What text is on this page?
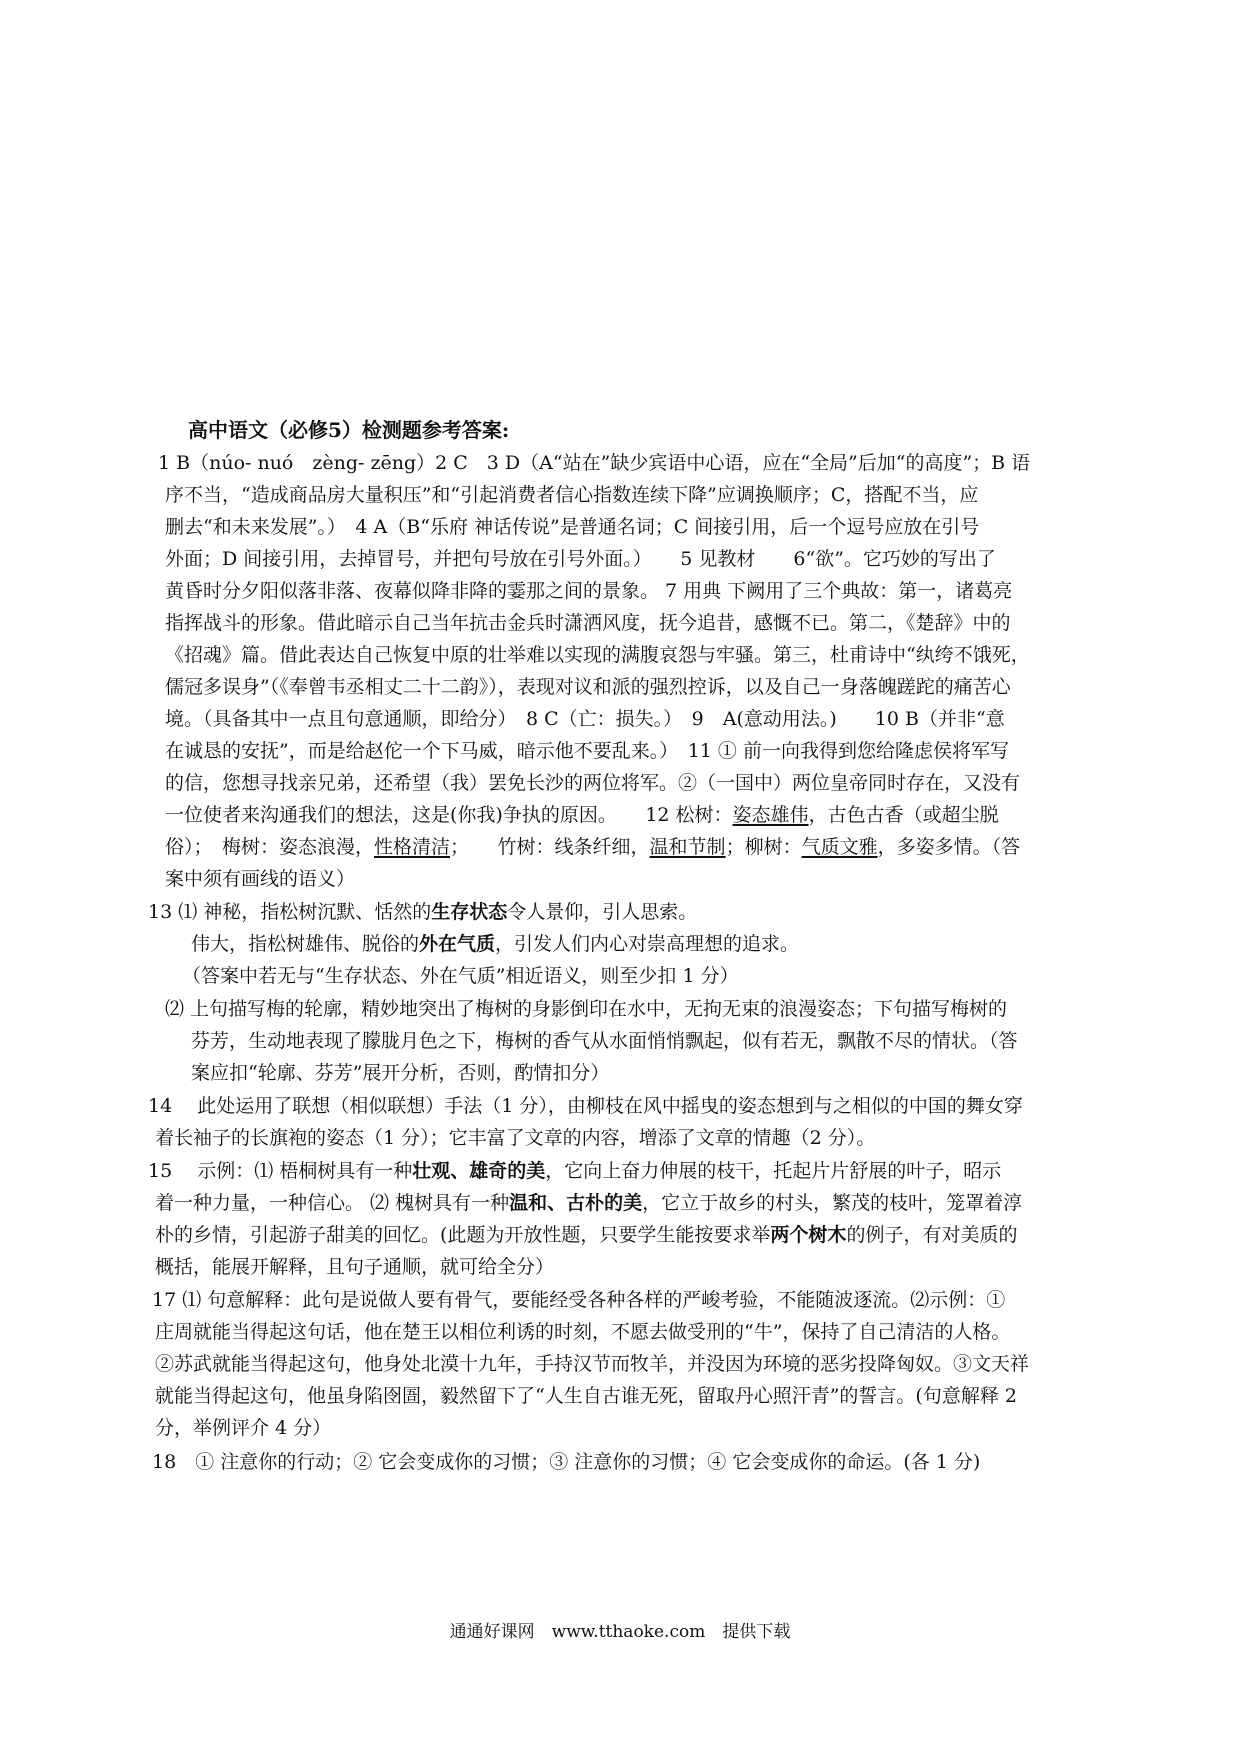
高中语文（必修5）检测题参考答案:
1 B（núo- nuó　zèng- zēng）2 C　3 D（A“站在”缺少宾语中心语，应在“全局”后加“的高度”；B 语
序不当，“造成商品房大量积压”和“引起消费者信心指数连续下降”应调换顺序；C，搭配不当，应
删去“和未来发展”。）　4 A（B“乐府 神话传说”是普通名词；C 间接引用，后一个逗号应放在引号
外面；D 间接引用，去掉冒号，并把句号放在引号外面。）　　5 见教材　　6“欲”。它巧妙的写出了
黄昏时分夕阳似落非落、夜幕似降非降的霎那之间的景象。 7 用典 下阙用了三个典故：第一，诸葛亮
指挥战斗的形象。借此暗示自己当年抗击金兵时潇洒风度，抚今追昔，感慨不已。第二，《楚辞》中的
《招魂》篇。借此表达自己恢复中原的壮举难以实现的满腹哀怨与牢骚。第三，杜甫诗中“纨绔不饿死，
儒冠多误身”（《奉曾韦丞相丈二十二韵》），表现对议和派的强烈控诉，以及自己一身落魄蹉跎的痛苦心
境。（具备其中一点且句意通顺，即给分）　8 C（亡：损失。）　9　A(意动用法。)　　10 B（并非“意
在诚恳的安抚”，而是给赵佗一个下马威，暗示他不要乱来。）　11 ① 前一向我得到您给隆虑侯将军写
的信，您想寻找亲兄弟，还希望（我）罢免长沙的两位将军。②（一国中）两位皇帝同时存在，又没有
一位使者来沟通我们的想法，这是(你我)争执的原因。　　12 松树：姿态雄伟，古色古香（或超尘脱
俗）；　梅树：姿态浪漫，性格清洁；　　竹树：线条纤细，温和节制；柳树：气质文雅，多姿多情。（答
案中须有画线的语义）
13 ⑴ 神秘，指松树沉默、恬然的生存状态令人景仰，引人思索。
伟大，指松树雄伟、脱俗的外在气质，引发人们内心对崇高理想的追求。
（答案中若无与“生存状态、外在气质”相近语义，则至少扣 1 分）
⑵ 上句描写梅的轮廓，精妙地突出了梅树的身影倒印在水中，无拘无束的浪漫姿态；下句描写梅树的
芬芳，生动地表现了朦胧月色之下，梅树的香气从水面悄悄飘起，似有若无，飘散不尽的情状。（答
案应扣“轮廓、芬芳”展开分析，否则，酌情扣分）
14　 此处运用了联想（相似联想）手法（1 分），由柳枝在风中摇曳的姿态想到与之相似的中国的舞女穿
着长袖子的长旗袍的姿态（1 分）；它丰富了文章的内容，增添了文章的情趣（2 分）。
15　 示例：⑴ 梧桐树具有一种壮观、雄奇的美，它向上奋力伸展的枝干，托起片片舒展的叶子，昭示
着一种力量，一种信心。 ⑵ 槐树具有一种温和、古朴的美，它立于故乡的村头，繁茂的枝叶，笼罩着淳
朴的乡情，引起游子甜美的回忆。(此题为开放性题，只要学生能按要求举两个树木的例子，有对美质的
概括，能展开解释，且句子通顺，就可给全分）
17 ⑴ 句意解释：此句是说做人要有骨气，要能经受各种各样的严峻考验，不能随波逐流。⑵示例：①
庄周就能当得起这句话，他在楚王以相位利诱的时刻，不愿去做受刑的“牛”，保持了自己清洁的人格。
②苏武就能当得起这句，他身处北漠十九年，手持汉节而牧羊，并没因为环境的恶劣投降匈奴。③文天祥
就能当得起这句，他虽身陷囹圄，毅然留下了“人生自古谁无死，留取丹心照汗青”的誓言。(句意解释 2
分，举例评介 4 分）
18　① 注意你的行动；② 它会变成你的习惯；③ 注意你的习惯；④ 它会变成你的命运。(各 1 分)
通通好课网　www.tthaoke.com　提供下载
